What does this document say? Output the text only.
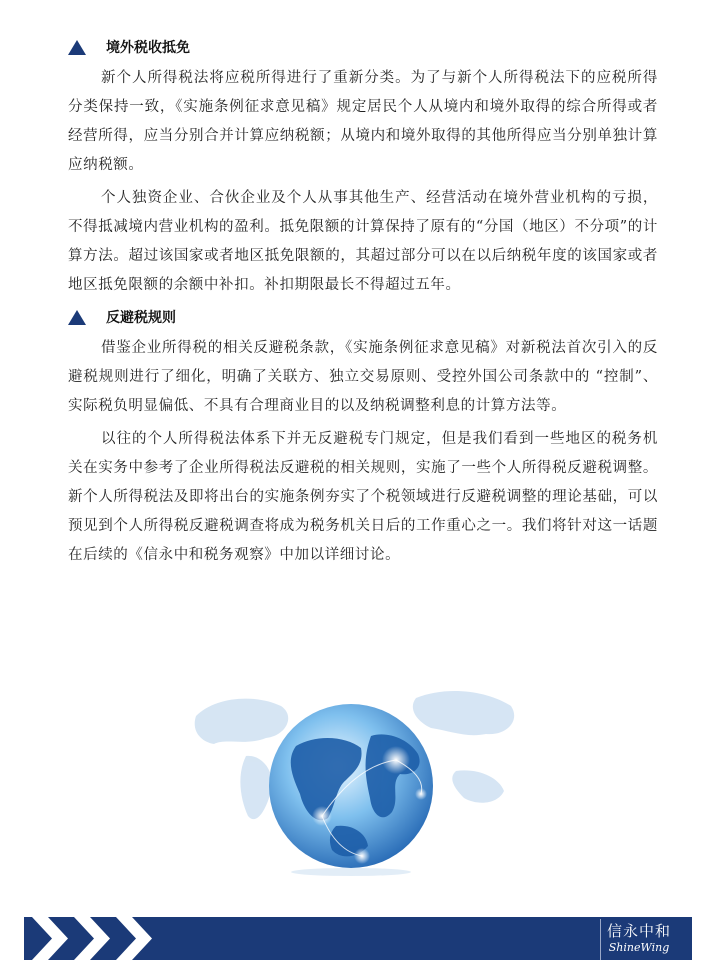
境外税收抵免

新个人所得税法将应税所得进行了重新分类。为了与新个人所得税法下的应税所得分类保持一致，《实施条例征求意见稿》规定居民个人从境内和境外取得的综合所得或者经营所得，应当分别合并计算应纳税额；从境内和境外取得的其他所得应当分别单独计算应纳税额。

个人独资企业、合伙企业及个人从事其他生产、经营活动在境外营业机构的亏损，不得抵减境内营业机构的盈利。抵免限额的计算保持了原有的“分国（地区）不分项”的计算方法。超过该国家或者地区抵免限额的，其超过部分可以在以后纳税年度的该国家或者地区抵免限额的余额中补扣。补扣期限最长不得超过五年。

反避税规则

借鉴企业所得税的相关反避税条款，《实施条例征求意见稿》对新税法首次引入的反避税规则进行了细化，明确了关联方、独立交易原则、受控外国公司条款中的 “控制”、实际税负明显偏低、不具有合理商业目的以及纳税调整利息的计算方法等。

以往的个人所得税法体系下并无反避税专门规定，但是我们看到一些地区的税务机关在实务中参考了企业所得税法反避税的相关规则，实施了一些个人所得税反避税调整。新个人所得税法及即将出台的实施条例夯实了个税领域进行反避税调整的理论基础，可以预见到个人所得税反避税调查将成为税务机关日后的工作重心之一。我们将针对这一话题在后续的《信永中和税务观察》中加以详细讨论。

信永中和
ShineWing
